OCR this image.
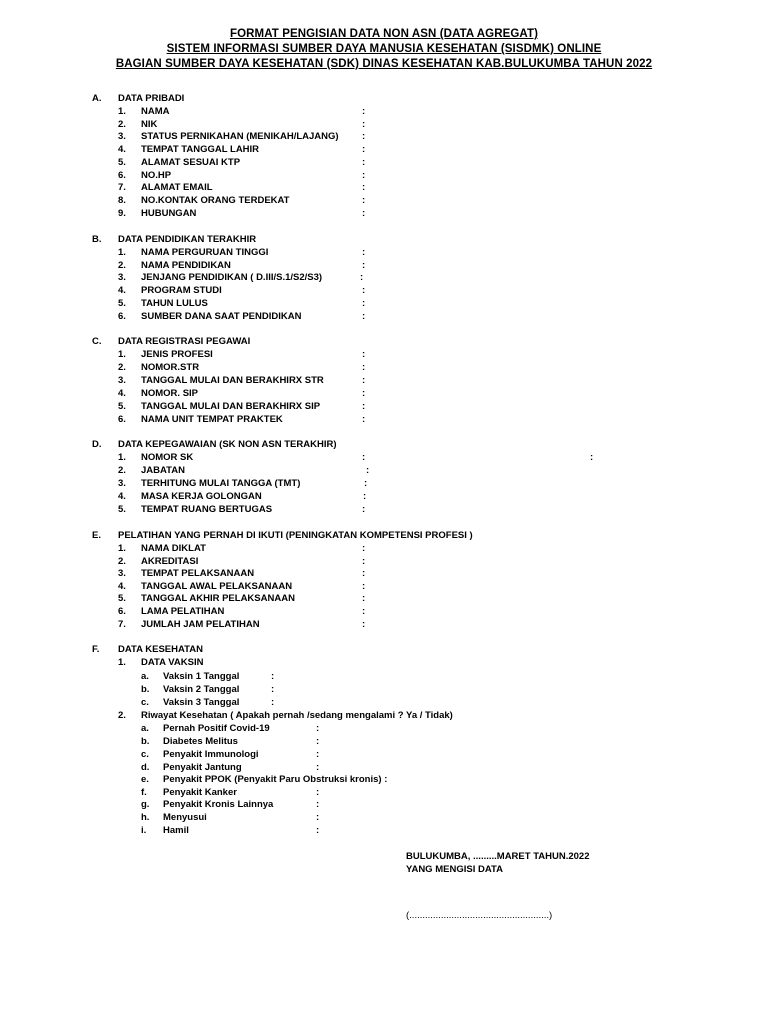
FORMAT PENGISIAN DATA NON ASN (DATA AGREGAT)
SISTEM INFORMASI SUMBER DAYA MANUSIA KESEHATAN (SISDMK) ONLINE
BAGIAN SUMBER DAYA KESEHATAN (SDK) DINAS KESEHATAN KAB.BULUKUMBA TAHUN 2022
A. DATA PRIBADI
1. NAMA	:
2. NIK	:
3. STATUS PERNIKAHAN (MENIKAH/LAJANG) :
4. TEMPAT TANGGAL LAHIR	:
5. ALAMAT SESUAI KTP	:
6. NO.HP	:
7. ALAMAT EMAIL	:
8. NO.KONTAK ORANG TERDEKAT	:
9. HUBUNGAN	:
B. DATA PENDIDIKAN TERAKHIR
1. NAMA PERGURUAN TINGGI	:
2. NAMA PENDIDIKAN	:
3. JENJANG PENDIDIKAN ( D.III/S.1/S2/S3)	:
4. PROGRAM STUDI	:
5. TAHUN LULUS	:
6. SUMBER DANA SAAT PENDIDIKAN	:
C. DATA REGISTRASI PEGAWAI
1. JENIS PROFESI	:
2. NOMOR.STR	:
3. TANGGAL MULAI DAN BERAKHIRX STR	:
4. NOMOR. SIP	:
5. TANGGAL MULAI DAN BERAKHIRX SIP	:
6. NAMA UNIT TEMPAT PRAKTEK	:
D. DATA KEPEGAWAIAN (SK NON ASN TERAKHIR)
1. NOMOR SK	:	:
2. JABATAN	:
3. TERHITUNG MULAI TANGGA (TMT)	:
4. MASA KERJA GOLONGAN	:
5. TEMPAT RUANG BERTUGAS	:
E. PELATIHAN YANG PERNAH DI IKUTI (PENINGKATAN KOMPETENSI PROFESI )
1. NAMA DIKLAT	:
2. AKREDITASI	:
3. TEMPAT PELAKSANAAN	:
4. TANGGAL AWAL PELAKSANAAN	:
5. TANGGAL AKHIR PELAKSANAAN	:
6. LAMA PELATIHAN	:
7. JUMLAH JAM PELATIHAN	:
F. DATA KESEHATAN
1. DATA VAKSIN
a. Vaksin 1 Tanggal	:
b. Vaksin 2 Tanggal	:
c. Vaksin 3 Tanggal	:
2. Riwayat Kesehatan ( Apakah pernah /sedang mengalami ? Ya / Tidak)
a. Pernah Positif Covid-19	:
b. Diabetes Melitus	:
c. Penyakit Immunologi	:
d. Penyakit Jantung	:
e. Penyakit PPOK (Penyakit Paru Obstruksi kronis) :
f. Penyakit Kanker	:
g. Penyakit Kronis Lainnya	:
h. Menyusui	:
i. Hamil	:
BULUKUMBA, .........MARET TAHUN.2022
YANG MENGISI DATA
(.....................................................)
